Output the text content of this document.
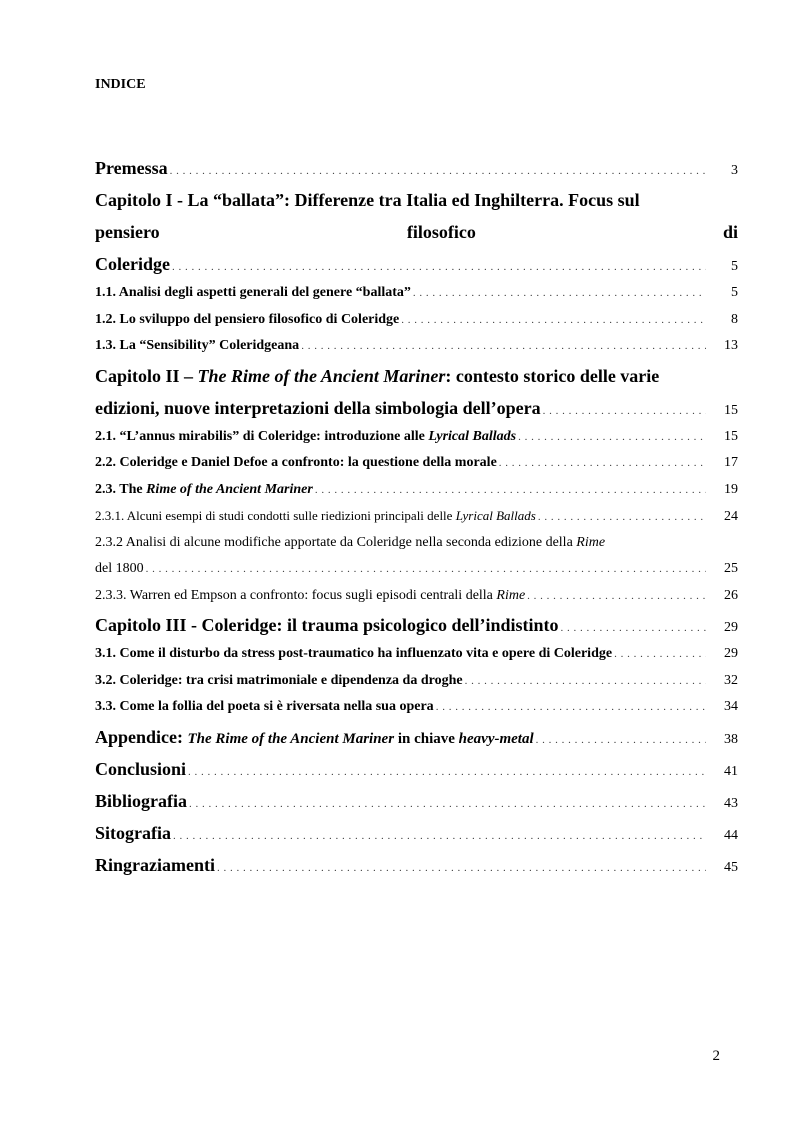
INDICE
Premessa . . .	3
Capitolo I - La “ballata”: Differenze tra Italia ed Inghilterra. Focus sul
pensiero	filosofico	di
Coleridge . . .	5
1.1. Analisi degli aspetti generali del genere “ballata” . . .	5
1.2. Lo sviluppo del pensiero filosofico di Coleridge . . .	8
1.3. La “Sensibility” Coleridgeana . . .	13
Capitolo II – The Rime of the Ancient Mariner: contesto storico delle varie
edizioni, nuove interpretazioni della simbologia dell’opera . . .	15
2.1. “L’annus mirabilis” di Coleridge: introduzione alle Lyrical Ballads . . .	15
2.2. Coleridge e Daniel Defoe a confronto: la questione della morale . . .	17
2.3. The Rime of the Ancient Mariner . . .	19
2.3.1. Alcuni esempi di studi condotti sulle riedizioni principali delle Lyrical Ballads . . .	24
2.3.2 Analisi di alcune modifiche apportate da Coleridge nella seconda edizione della Rime
del 1800 . . .	25
2.3.3. Warren ed Empson a confronto: focus sugli episodi centrali della Rime . . .	26
Capitolo III - Coleridge: il trauma psicologico dell’indistinto . . .	29
3.1. Come il disturbo da stress post-traumatico ha influenzato vita e opere di Coleridge . . .	29
3.2. Coleridge: tra crisi matrimoniale e dipendenza da droghe . . .	32
3.3. Come la follia del poeta si è riversata nella sua opera . . .	34
Appendice: The Rime of the Ancient Mariner in chiave heavy-metal . . .	38
Conclusioni . . .	41
Bibliografia . . .	43
Sitografia . . .	44
Ringraziamenti . . .	45
2
